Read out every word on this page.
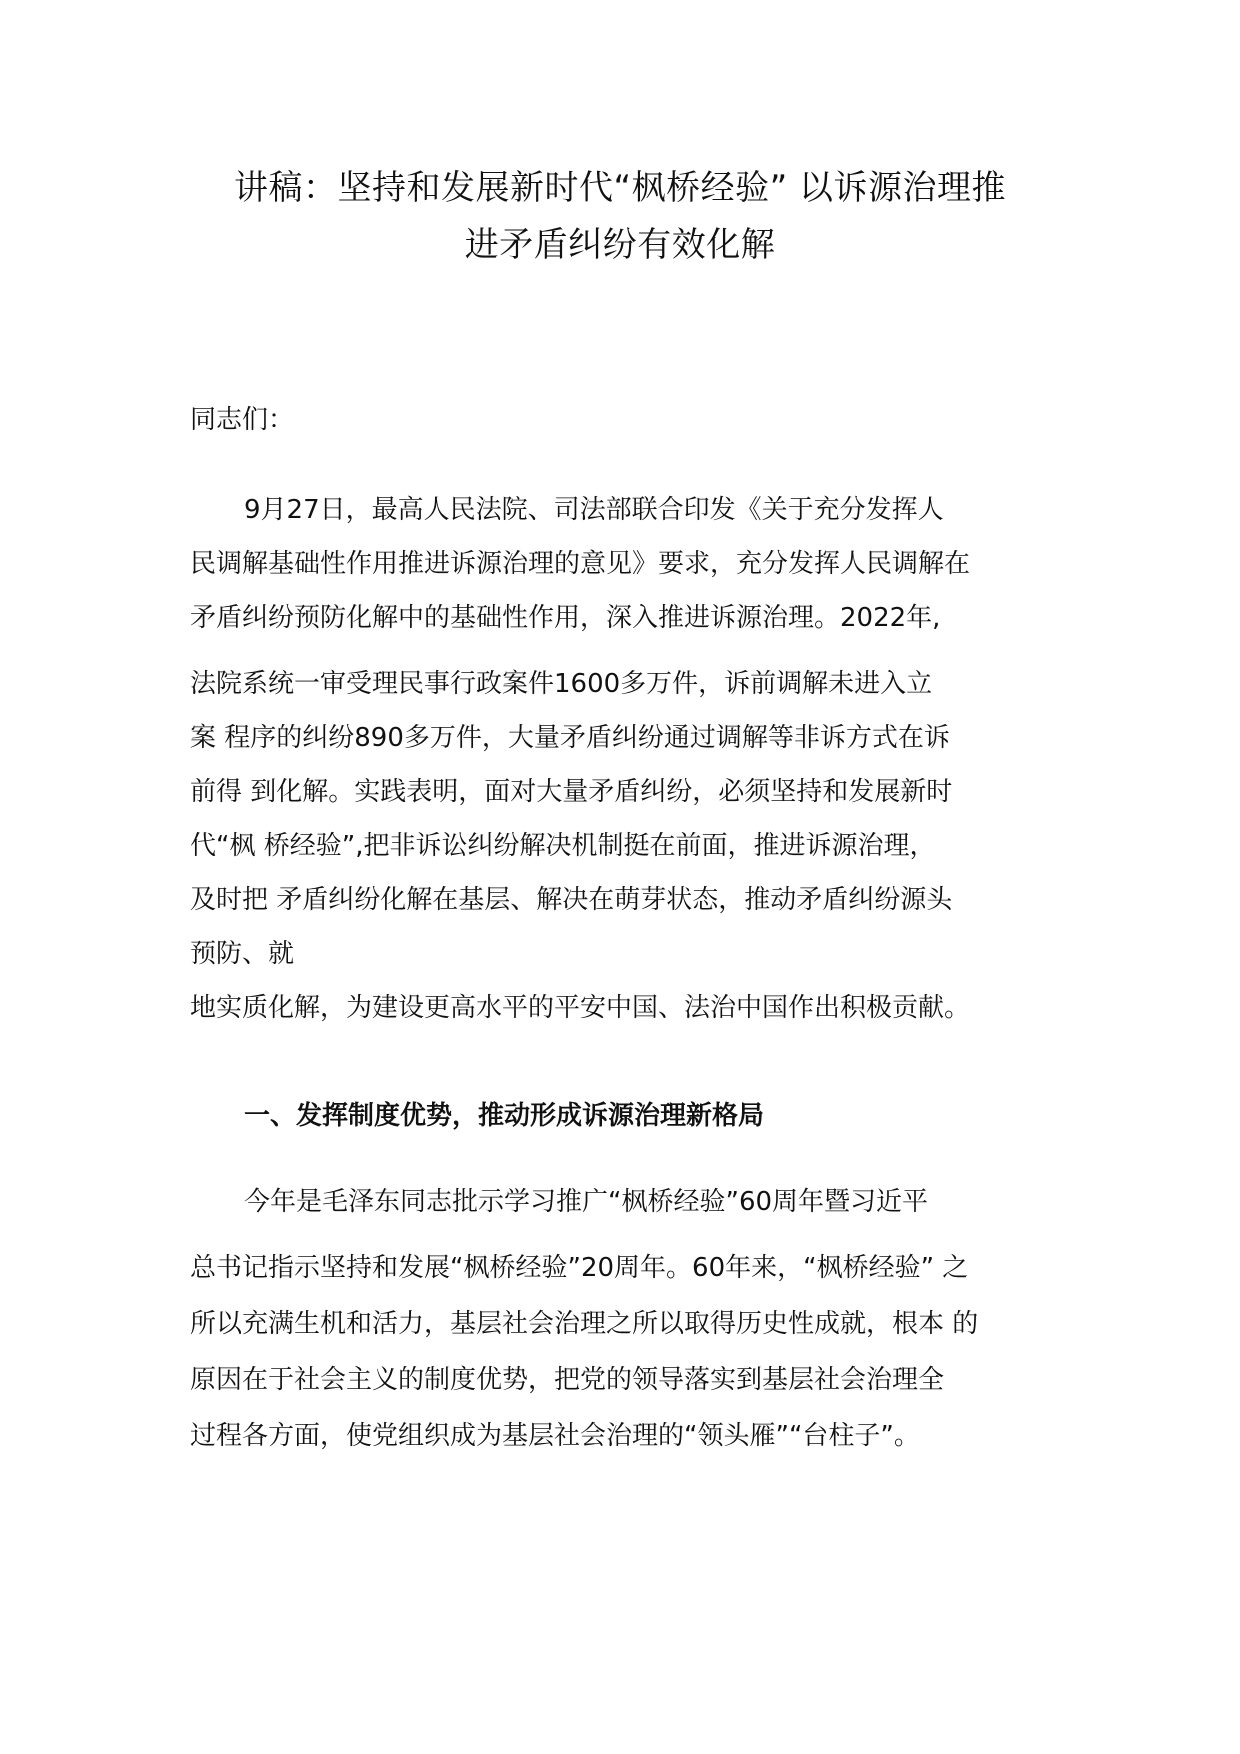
讲稿：坚持和发展新时代“枫桥经验” 以诉源治理推
进矛盾纠纷有效化解

同志们：

9月27日，最高人民法院、司法部联合印发《关于充分发挥人

民调解基础性作用推进诉源治理的意见》要求，充分发挥人民调解在

矛盾纠纷预防化解中的基础性作用，深入推进诉源治理。2022年,

法院系统一审受理民事行政案件1600多万件，诉前调解未进入立

案 程序的纠纷890多万件，大量矛盾纠纷通过调解等非诉方式在诉

前得 到化解。实践表明，面对大量矛盾纠纷，必须坚持和发展新时

代“枫 桥经验”,把非诉讼纠纷解决机制挺在前面，推进诉源治理，

及时把 矛盾纠纷化解在基层、解决在萌芽状态，推动矛盾纠纷源头

预防、就

地实质化解，为建设更高水平的平安中国、法治中国作出积极贡献。

一、发挥制度优势，推动形成诉源治理新格局

今年是毛泽东同志批示学习推广“枫桥经验”60周年暨习近平

总书记指示坚持和发展“枫桥经验”20周年。60年来，“枫桥经验” 之

所以充满生机和活力，基层社会治理之所以取得历史性成就，根本 的

原因在于社会主义的制度优势，把党的领导落实到基层社会治理全

过程各方面，使党组织成为基层社会治理的“领头雁”“台柱子”。
